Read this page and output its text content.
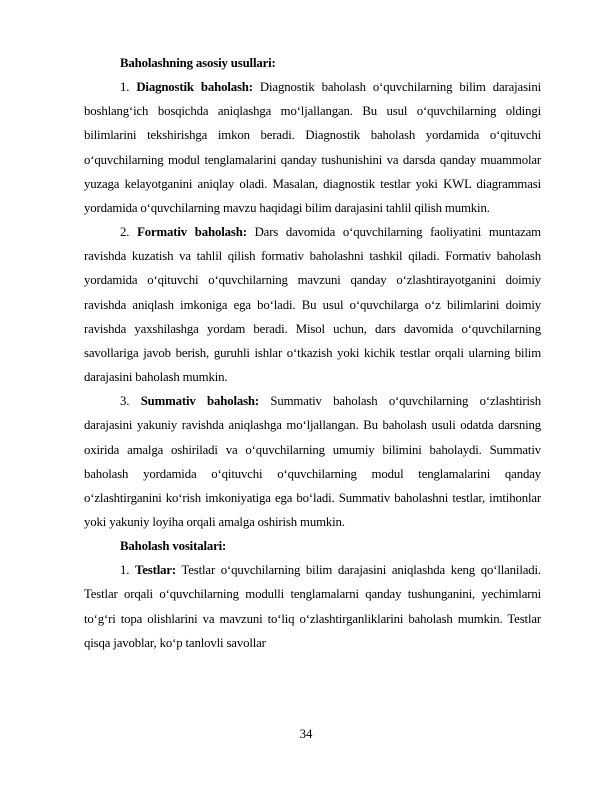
Baholashning asosiy usullari:

1. Diagnostik baholash: Diagnostik baholash o‘quvchilarning bilim darajasini boshlang‘ich bosqichda aniqlashga mo‘ljallangan. Bu usul o‘quvchilarning oldingi bilimlarini tekshirishga imkon beradi. Diagnostik baholash yordamida o‘qituvchi o‘quvchilarning modul tenglamalarini qanday tushunishini va darsda qanday muammolar yuzaga kelayotganini aniqlay oladi. Masalan, diagnostik testlar yoki KWL diagrammasi yordamida o‘quvchilarning mavzu haqidagi bilim darajasini tahlil qilish mumkin.

2. Formativ baholash: Dars davomida o‘quvchilarning faoliyatini muntazam ravishda kuzatish va tahlil qilish formativ baholashni tashkil qiladi. Formativ baholash yordamida o‘qituvchi o‘quvchilarning mavzuni qanday o‘zlashtirayotganini doimiy ravishda aniqlash imkoniga ega bo‘ladi. Bu usul o‘quvchilarga o‘z bilimlarini doimiy ravishda yaxshilashga yordam beradi. Misol uchun, dars davomida o‘quvchilarning savollariga javob berish, guruhli ishlar o‘tkazish yoki kichik testlar orqali ularning bilim darajasini baholash mumkin.

3. Summativ baholash: Summativ baholash o‘quvchilarning o‘zlashtirish darajasini yakuniy ravishda aniqlashga mo‘ljallangan. Bu baholash usuli odatda darsning oxirida amalga oshiriladi va o‘quvchilarning umumiy bilimini baholaydi. Summativ baholash yordamida o‘qituvchi o‘quvchilarning modul tenglamalarini qanday o‘zlashtirganini ko‘rish imkoniyatiga ega bo‘ladi. Summativ baholashni testlar, imtihonlar yoki yakuniy loyiha orqali amalga oshirish mumkin.

Baholash vositalari:

1. Testlar: Testlar o‘quvchilarning bilim darajasini aniqlashda keng qo‘llaniladi. Testlar orqali o‘quvchilarning modulli tenglamalarni qanday tushunganini, yechimlarni to‘g‘ri topa olishlarini va mavzuni to‘liq o‘zlashtirganliklarini baholash mumkin. Testlar qisqa javoblar, ko‘p tanlovli savollar

34
